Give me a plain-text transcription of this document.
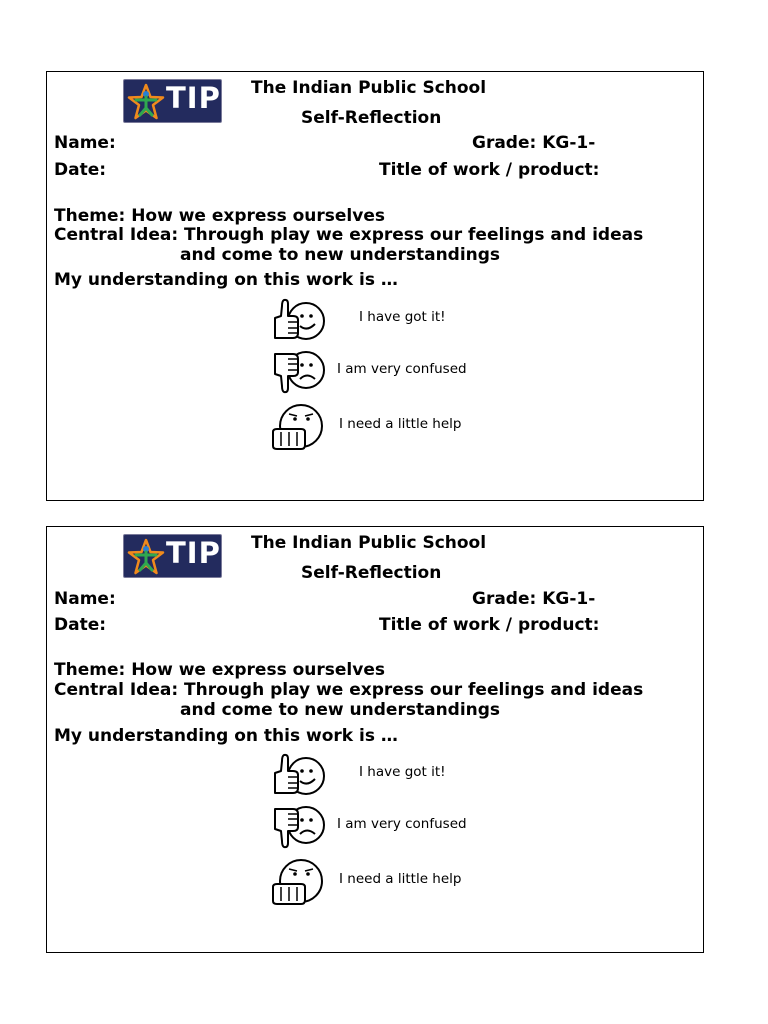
TIPS The Indian Public School
Self-Reflection
Name:	Grade: KG-1-
Date:	Title of work / product:
Theme: How we express ourselves
Central Idea: Through play we express our feelings and ideas
and come to new understandings
My understanding on this work is …
I have got it!
I am very confused
I need a little help
TIPS The Indian Public School
Self-Reflection
Name:	Grade: KG-1-
Date:	Title of work / product:
Theme: How we express ourselves
Central Idea: Through play we express our feelings and ideas
and come to new understandings
My understanding on this work is …
I have got it!
I am very confused
I need a little help
